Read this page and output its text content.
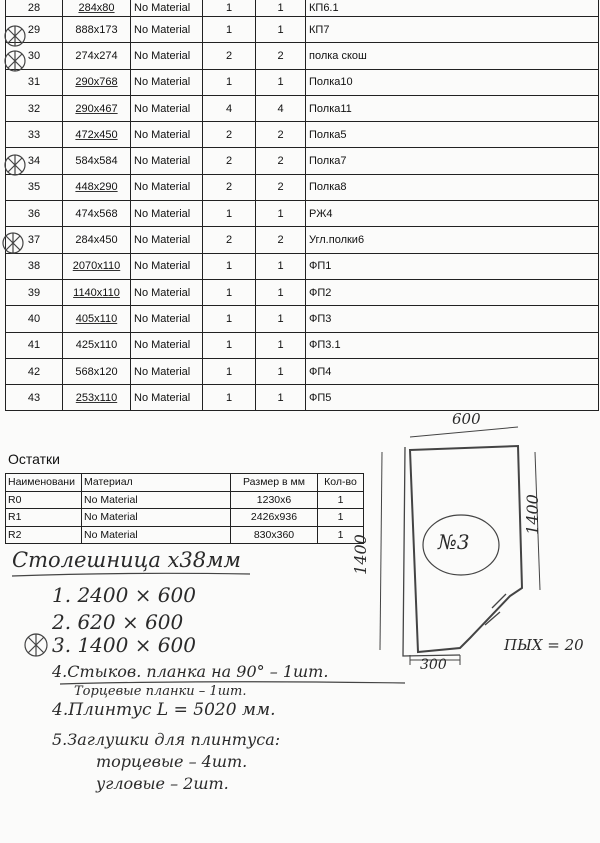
28	284x80	No Material	1	1	КП6.1
29	888x173	No Material	1	1	КП7
30	274x274	No Material	2	2	полка скош
31	290x768	No Material	1	1	Полка10
32	290x467	No Material	4	4	Полка11
33	472x450	No Material	2	2	Полка5
34	584x584	No Material	2	2	Полка7
35	448x290	No Material	2	2	Полка8
36	474x568	No Material	1	1	РЖ4
37	284x450	No Material	2	2	Угл.полки6
38	2070x110	No Material	1	1	ФП1
39	1140x110	No Material	1	1	ФП2
40	405x110	No Material	1	1	ФП3
41	425x110	No Material	1	1	ФП3.1
42	568x120	No Material	1	1	ФП4
43	253x110	No Material	1	1	ФП5
Остатки
Наименовани	Материал	Размер в мм	Кол-во
R0	No Material	1230x6	1
R1	No Material	2426x936	1
R2	No Material	830x360	1
Столешница х38мм
1. 2400 × 600
2. 620 × 600
3. 1400 × 600
4.Стыков. планка на 90° – 1шт.
Торцевые планки – 1шт.
4.Плинтус L = 5020 мм.
5.Заглушки для плинтуса:
торцевые – 4шт.
угловые – 2шт.
600
1400
1400
№3
300
ПЫХ = 20
